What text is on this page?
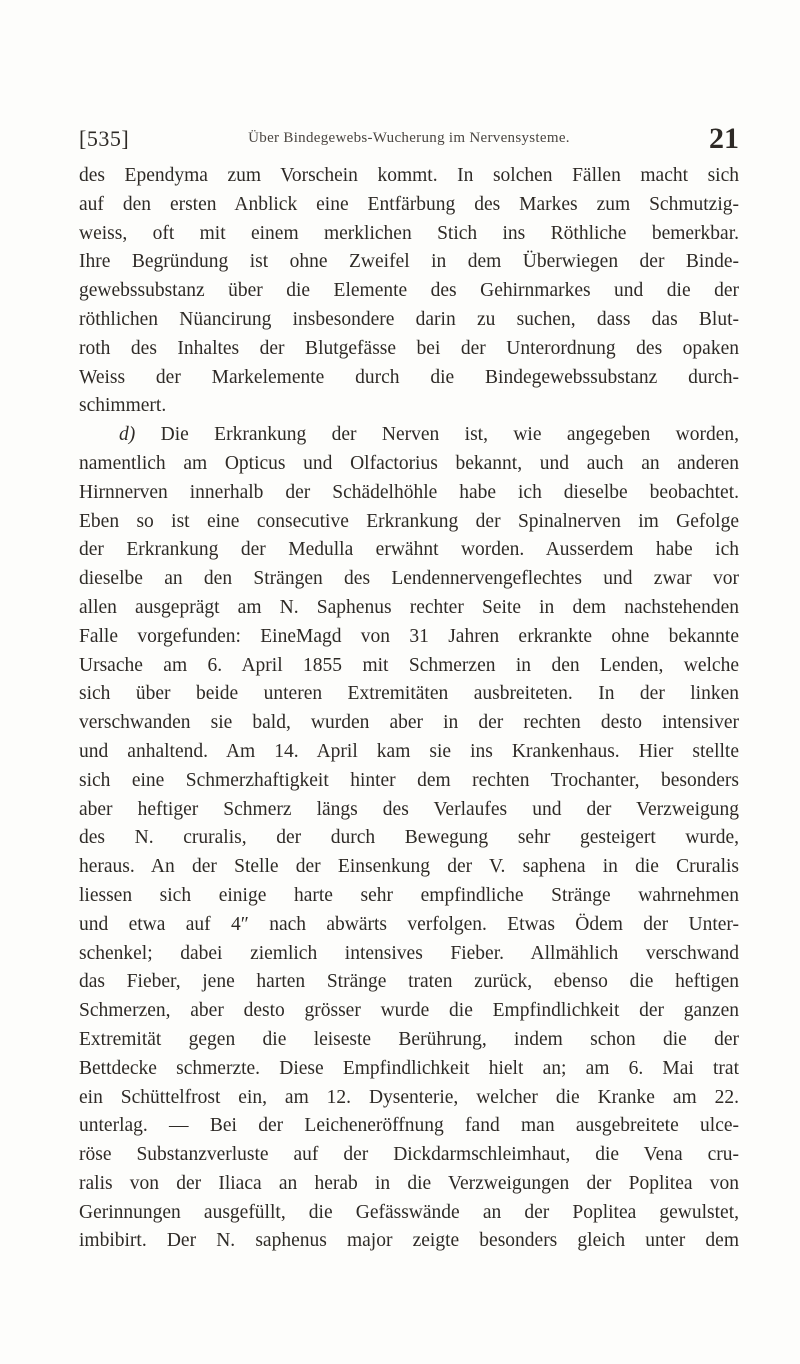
[535]	Über Bindegewebs-Wucherung im Nervensysteme.	21
des Ependyma zum Vorschein kommt. In solchen Fällen macht sich
auf den ersten Anblick eine Entfärbung des Markes zum Schmutzig-
weiss, oft mit einem merklichen Stich ins Röthliche bemerkbar.
Ihre Begründung ist ohne Zweifel in dem Überwiegen der Binde-
gewebssubstanz über die Elemente des Gehirnmarkes und die der
röthlichen Nüancirung insbesondere darin zu suchen, dass das Blut-
roth des Inhaltes der Blutgefässe bei der Unterordnung des opaken
Weiss der Markelemente durch die Bindegewebssubstanz durch-
schimmert.
d) Die Erkrankung der Nerven ist, wie angegeben worden,
namentlich am Opticus und Olfactorius bekannt, und auch an anderen
Hirnnerven innerhalb der Schädelhöhle habe ich dieselbe beobachtet.
Eben so ist eine consecutive Erkrankung der Spinalnerven im Gefolge
der Erkrankung der Medulla erwähnt worden. Ausserdem habe ich
dieselbe an den Strängen des Lendennervengeflechtes und zwar vor
allen ausgeprägt am N. Saphenus rechter Seite in dem nachstehenden
Falle vorgefunden: EineMagd von 31 Jahren erkrankte ohne bekannte
Ursache am 6. April 1855 mit Schmerzen in den Lenden, welche
sich über beide unteren Extremitäten ausbreiteten. In der linken
verschwanden sie bald, wurden aber in der rechten desto intensiver
und anhaltend. Am 14. April kam sie ins Krankenhaus. Hier stellte
sich eine Schmerzhaftigkeit hinter dem rechten Trochanter, besonders
aber heftiger Schmerz längs des Verlaufes und der Verzweigung
des N. cruralis, der durch Bewegung sehr gesteigert wurde,
heraus. An der Stelle der Einsenkung der V. saphena in die Cruralis
liessen sich einige harte sehr empfindliche Stränge wahrnehmen
und etwa auf 4″ nach abwärts verfolgen. Etwas Ödem der Unter-
schenkel; dabei ziemlich intensives Fieber. Allmählich verschwand
das Fieber, jene harten Stränge traten zurück, ebenso die heftigen
Schmerzen, aber desto grösser wurde die Empfindlichkeit der ganzen
Extremität gegen die leiseste Berührung, indem schon die der
Bettdecke schmerzte. Diese Empfindlichkeit hielt an; am 6. Mai trat
ein Schüttelfrost ein, am 12. Dysenterie, welcher die Kranke am 22.
unterlag. — Bei der Leicheneröffnung fand man ausgebreitete ulce-
röse Substanzverluste auf der Dickdarmschleimhaut, die Vena cru-
ralis von der Iliaca an herab in die Verzweigungen der Poplitea von
Gerinnungen ausgefüllt, die Gefässwände an der Poplitea gewulstet,
imbibirt. Der N. saphenus major zeigte besonders gleich unter dem
